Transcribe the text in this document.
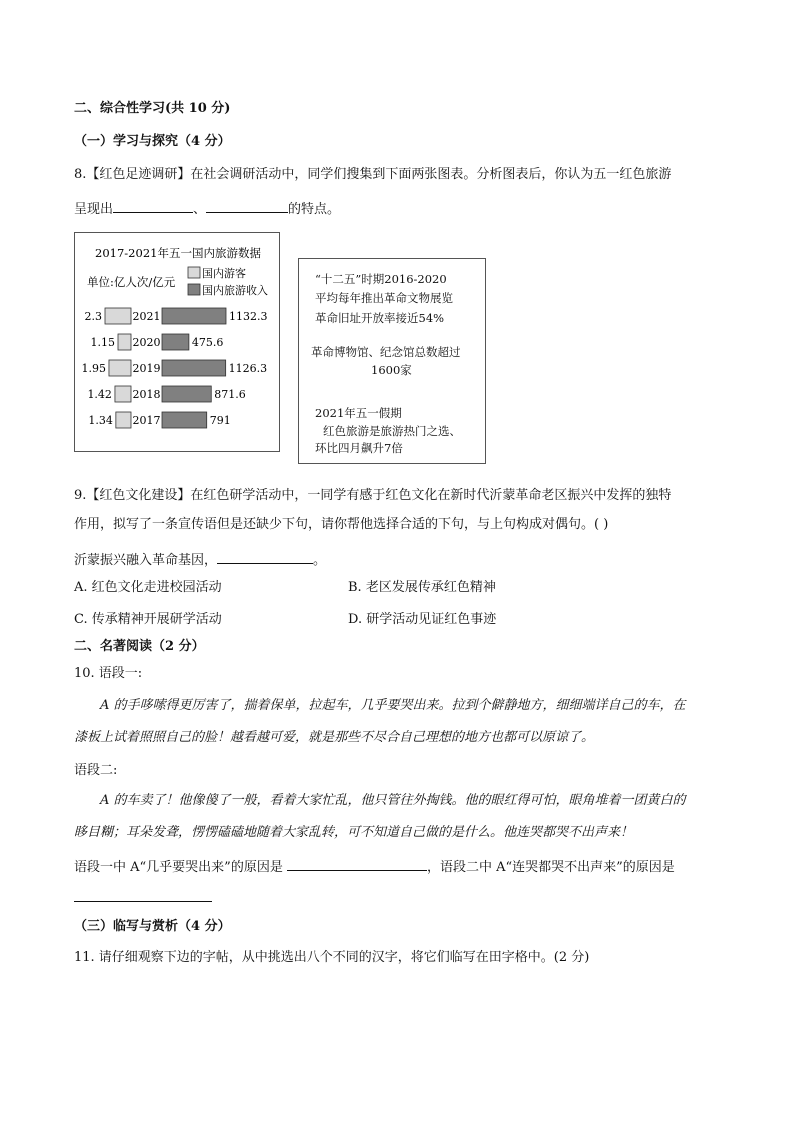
二、综合性学习(共 10 分)
（一）学习与探究（4 分）
8.【红色足迹调研】在社会调研活动中，同学们搜集到下面两张图表。分析图表后，你认为五一红色旅游
呈现出	、	的特点。
2017-2021年五一国内旅游数据
单位:亿人次/亿元
国内游客
国内旅游收入
2021
2.3	1132.3
2020
1.15	475.6
2019
1.95	1126.3
2018
1.42	871.6
2017
1.34	791
“十二五”时期2016-2020
平均每年推出革命文物展览
革命旧址开放率接近54%
革命博物馆、纪念馆总数超过
1600家
2021年五一假期
红色旅游是旅游热门之选、
环比四月飙升7倍
9.【红色文化建设】在红色研学活动中，一同学有感于红色文化在新时代沂蒙革命老区振兴中发挥的独特
作用，拟写了一条宣传语但是还缺少下句，请你帮他选择合适的下句，与上句构成对偶句。( )
沂蒙振兴融入革命基因，	。
A. 红色文化走进校园活动	B. 老区发展传承红色精神
C. 传承精神开展研学活动	D. 研学活动见证红色事迹
二、名著阅读（2 分）
10. 语段一:
A 的手哆嗦得更厉害了，揣着保单，拉起车，几乎要哭出来。拉到个僻静地方，细细端详自己的车，在
漆板上试着照照自己的脸！越看越可爱，就是那些不尽合自己理想的地方也都可以原谅了。
语段二:
A 的车卖了！他像傻了一般，看着大家忙乱，他只管往外掏钱。他的眼红得可怕，眼角堆着一团黄白的
眵目糊；耳朵发聋，愣愣磕磕地随着大家乱转，可不知道自己做的是什么。他连哭都哭不出声来！
语段一中 A“几乎要哭出来”的原因是	，语段二中 A“连哭都哭不出声来”的原因是
（三）临写与赏析（4 分）
11. 请仔细观察下边的字帖，从中挑选出八个不同的汉字，将它们临写在田字格中。(2 分)
